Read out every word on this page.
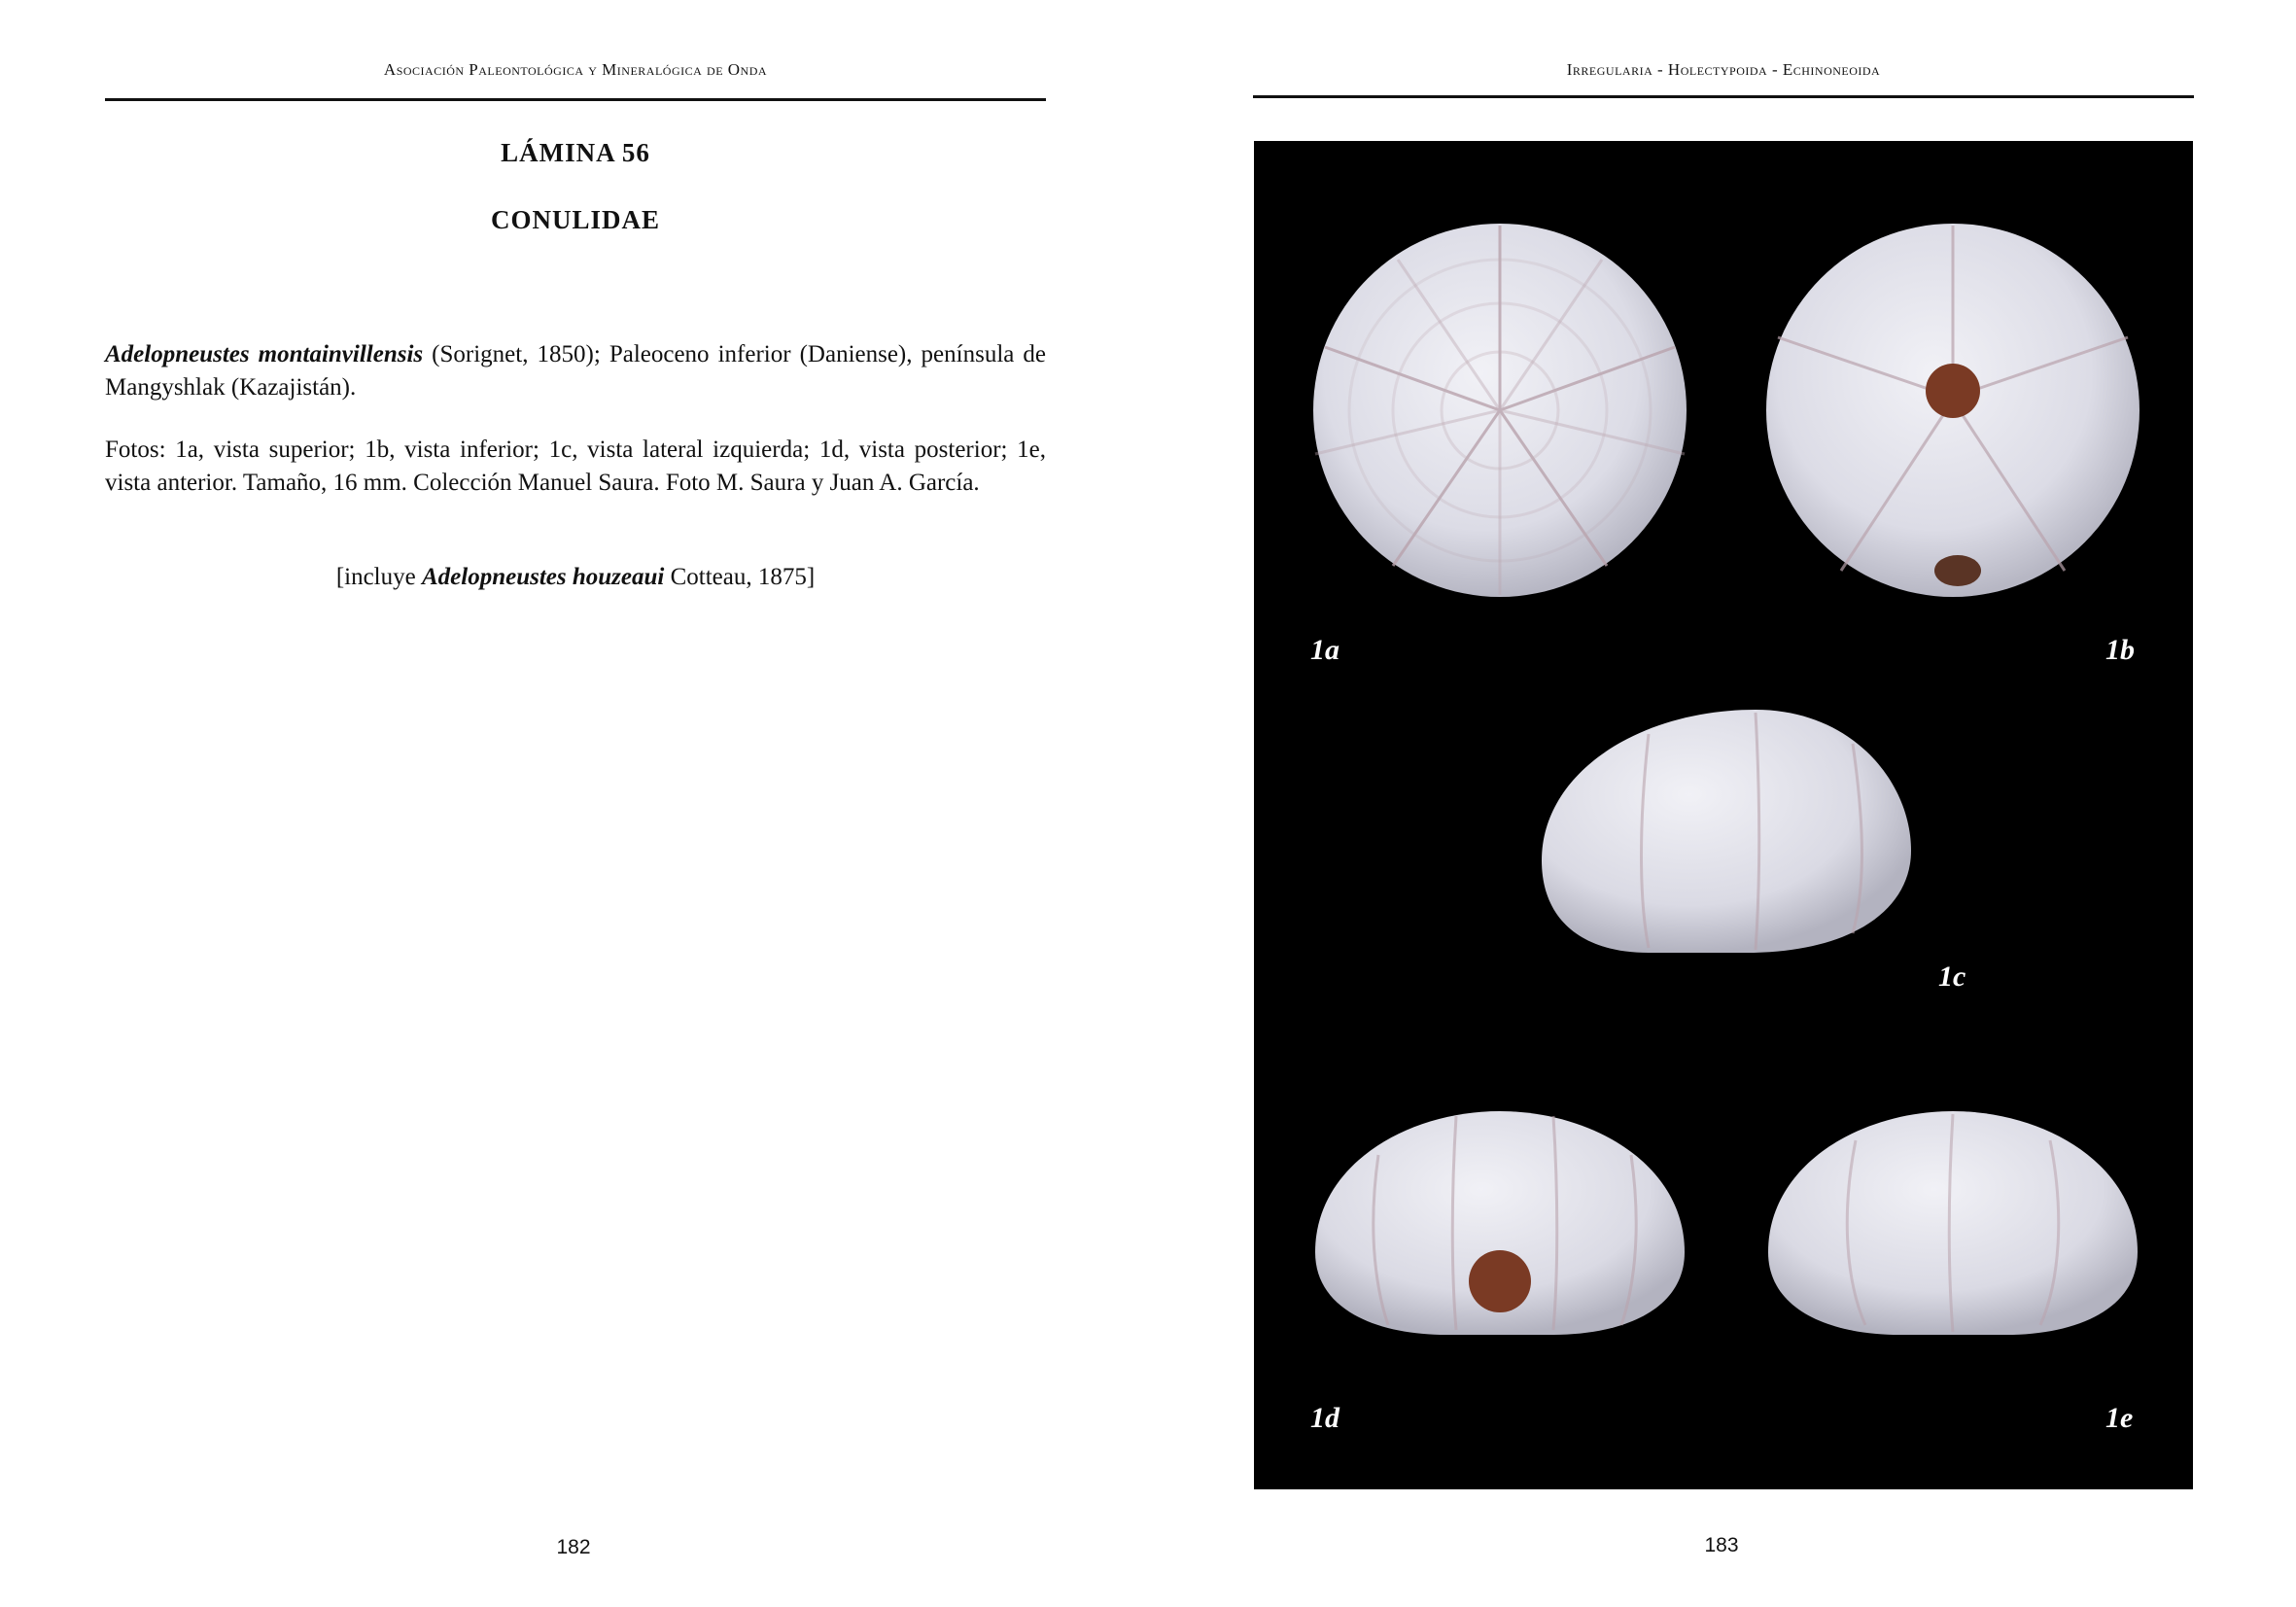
Asociación Paleontológica y Mineralógica de Onda
LÁMINA 56
CONULIDAE
Adelopneustes montainvillensis (Sorignet, 1850); Paleoceno inferior (Daniense), península de Mangyshlak (Kazajistán).
Fotos: 1a, vista superior; 1b, vista inferior; 1c, vista lateral izquierda; 1d, vista posterior; 1e, vista anterior. Tamaño, 16 mm. Colección Manuel Saura. Foto M. Saura y Juan A. García.
[incluye Adelopneustes houzeaui Cotteau, 1875]
182
Irregularia - Holectypoida - Echinoneoida
1a	1b
1c
1d	1e
183
